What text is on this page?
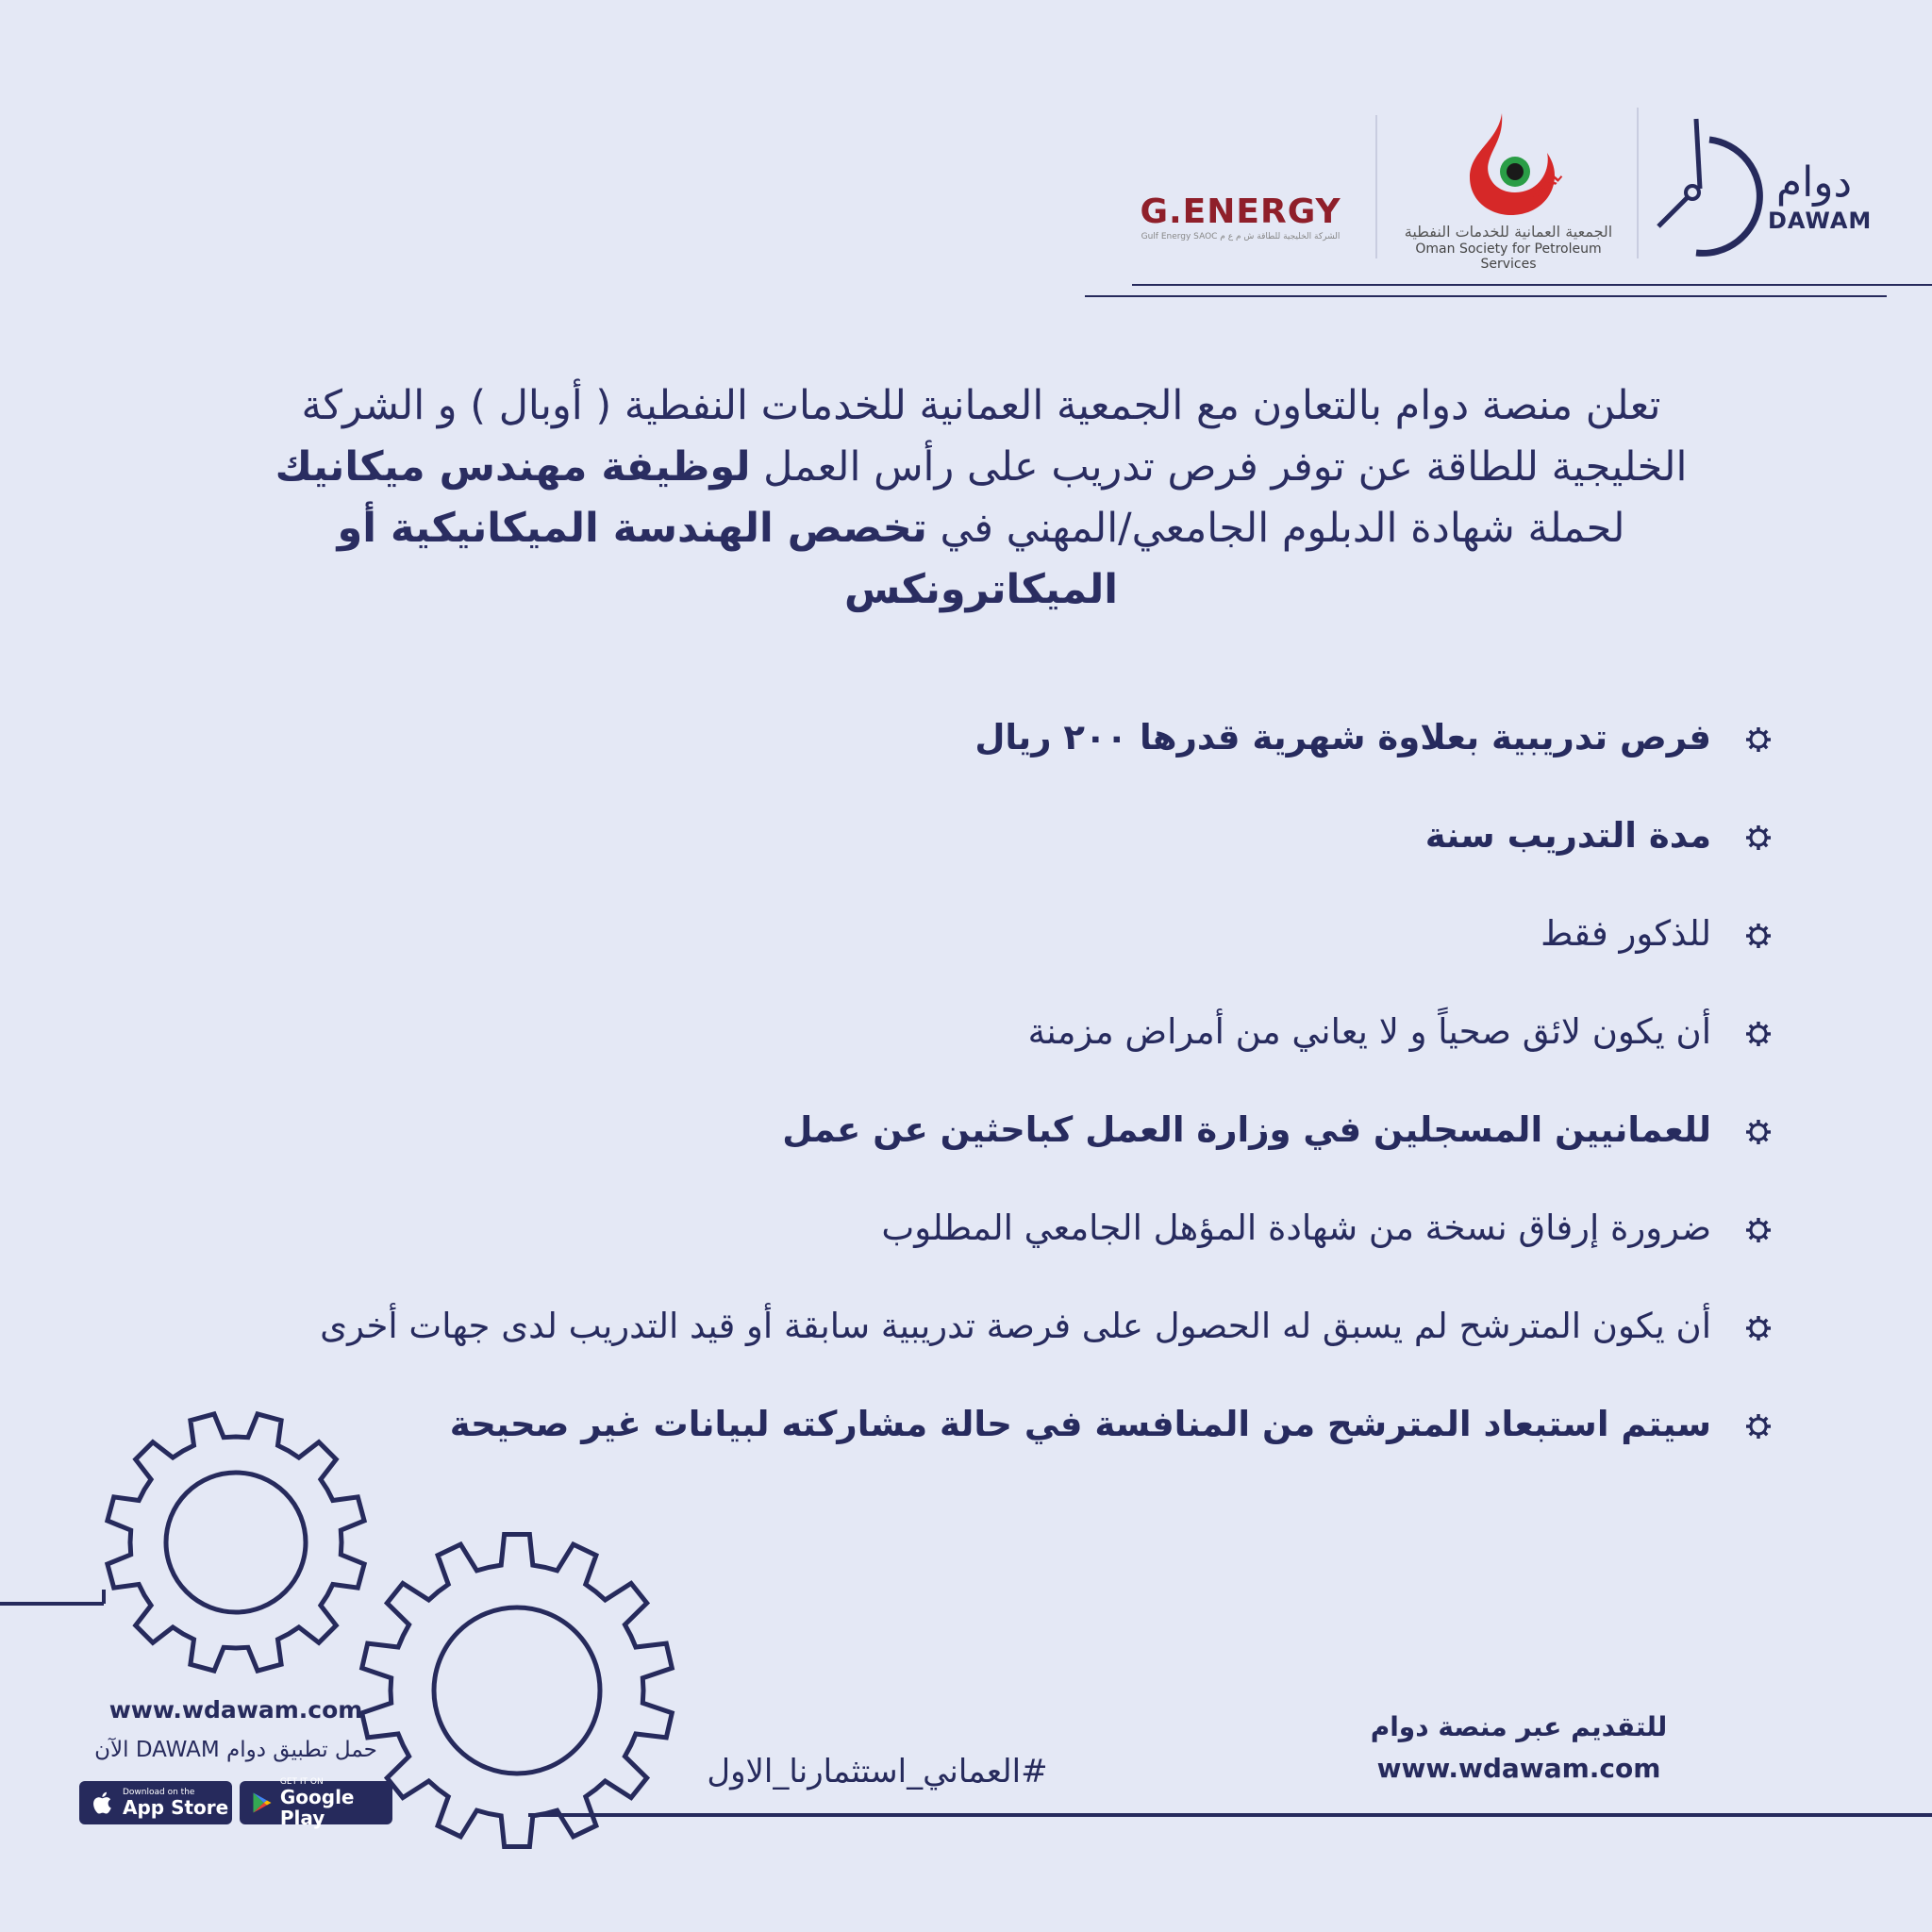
دوام
DAWAM
OPAL
الجمعية العمانية للخدمات النفطية
Oman Society for Petroleum Services
G.ENERGY
Gulf Energy SAOC الشركة الخليجية للطاقة ش م ع م
تعلن منصة دوام بالتعاون مع الجمعية العمانية للخدمات النفطية ( أوبال ) و الشركة الخليجية للطاقة عن توفر فرص تدريب على رأس العمل لوظيفة مهندس ميكانيك لحملة شهادة الدبلوم الجامعي/المهني في تخصص الهندسة الميكانيكية أو الميكاترونكس
فرص تدريبية بعلاوة شهرية قدرها ٢٠٠ ريال
مدة التدريب سنة
للذكور فقط
أن يكون لائق صحياً و لا يعاني من أمراض مزمنة
للعمانيين المسجلين في وزارة العمل كباحثين عن عمل
ضرورة إرفاق نسخة من شهادة المؤهل الجامعي المطلوب
أن يكون المترشح لم يسبق له الحصول على فرصة تدريبية سابقة أو قيد التدريب لدى جهات أخرى
سيتم استبعاد المترشح من المنافسة في حالة مشاركته لبيانات غير صحيحة
للتقديم عبر منصة دوام
www.wdawam.com
#العماني_استثمارنا_الاول
www.wdawam.com
حمل تطبيق دوام DAWAM الآن
Download on the
App Store
GET IT ON
Google Play
